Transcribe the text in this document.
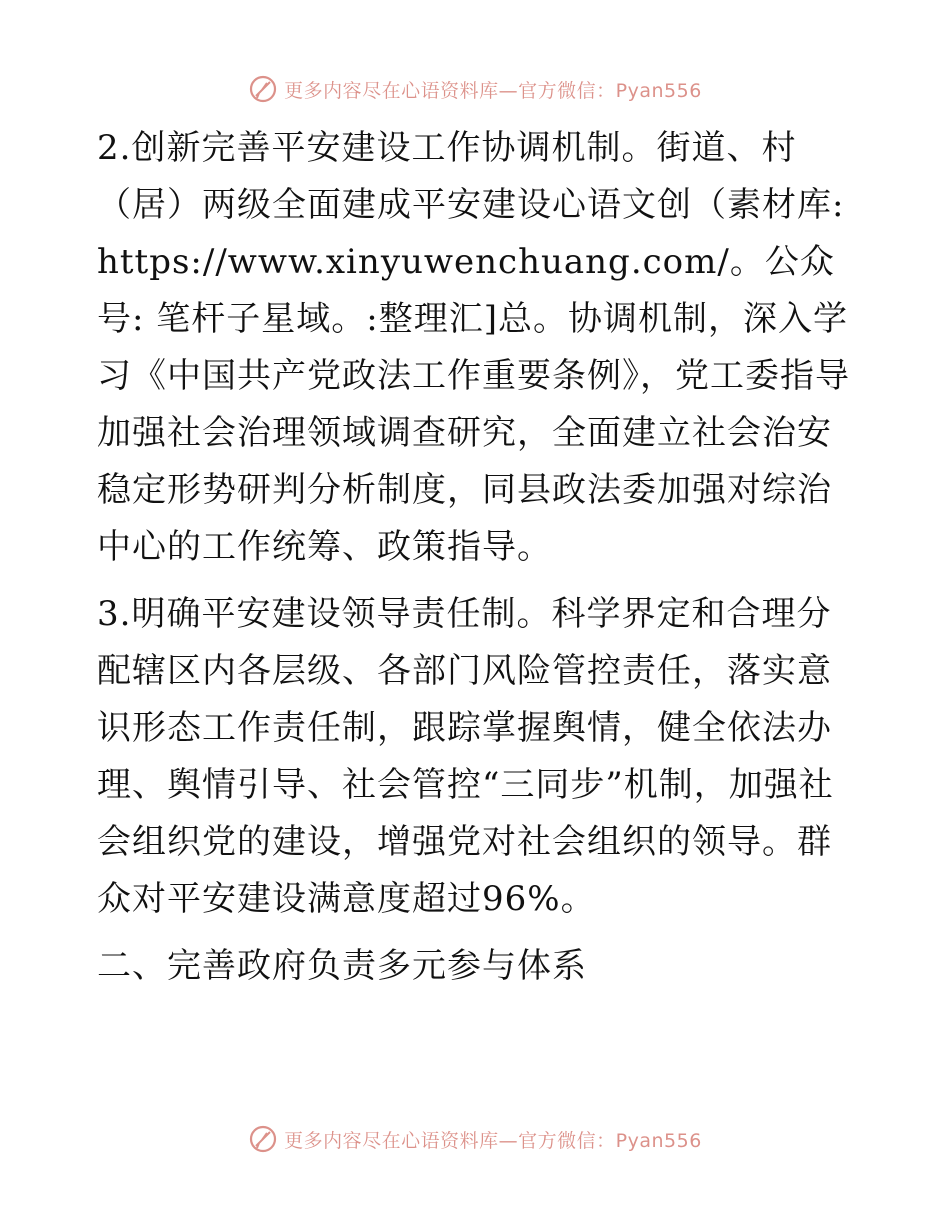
更多内容尽在心语资料库—官方微信：Pyan556

2.创新完善平安建设工作协调机制。街道、村（居）两级全面建成平安建设心语文创（素材库:https://www.xinyuwenchuang.com/。公众号: 笔杆子星域。:整理汇]总。协调机制，深入学习《中国共产党政法工作重要条例》，党工委指导加强社会治理领域调查研究，全面建立社会治安稳定形势研判分析制度，同县政法委加强对综治中心的工作统筹、政策指导。

3.明确平安建设领导责任制。科学界定和合理分配辖区内各层级、各部门风险管控责任，落实意识形态工作责任制，跟踪掌握舆情，健全依法办理、舆情引导、社会管控“三同步”机制，加强社会组织党的建设，增强党对社会组织的领导。群众对平安建设满意度超过96%。

二、完善政府负责多元参与体系

更多内容尽在心语资料库—官方微信：Pyan556
